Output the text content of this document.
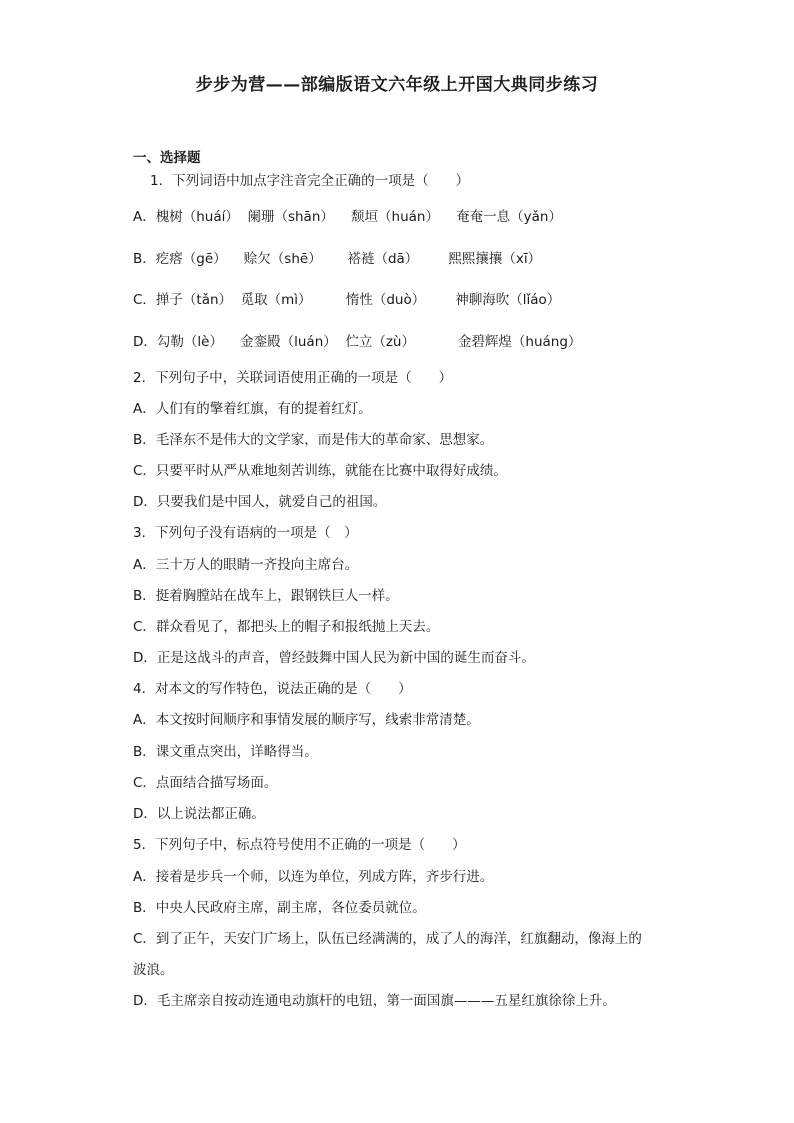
步步为营——部编版语文六年级上开国大典同步练习
一、选择题
1．下列词语中加点字注音完全正确的一项是（　　）
A．槐树（huáí）  阑珊（shān）    颓垣（huán）    奄奄一息（yǎn）
B．疙瘩（gē）    赊欠（shē）      褡裢（dā）       熙熙攘攘（xī）
C．掸子（tǎn）  觅取（mì）        惰性（duò）       神聊海吹（lǐáo）
D．勾勒（lè）    金銮殿（luán）  伫立（zù）          金碧辉煌（huáng）
2．下列句子中，关联词语使用正确的一项是（　　）
A．人们有的擎着红旗，有的提着红灯。
B．毛泽东不是伟大的文学家，而是伟大的革命家、思想家。
C．只要平时从严从难地刻苦训练，就能在比赛中取得好成绩。
D．只要我们是中国人，就爱自己的祖国。
3．下列句子没有语病的一项是（　）
A．三十万人的眼睛一齐投向主席台。
B．挺着胸膛站在战车上，跟钢铁巨人一样。
C．群众看见了，都把头上的帽子和报纸抛上天去。
D．正是这战斗的声音，曾经鼓舞中国人民为新中国的诞生而奋斗。
4．对本文的写作特色，说法正确的是（　　）
A．本文按时间顺序和事情发展的顺序写，线索非常清楚。
B．课文重点突出，详略得当。
C．点面结合描写场面。
D．以上说法都正确。
5．下列句子中，标点符号使用不正确的一项是（　　）
A．接着是步兵一个师，以连为单位，列成方阵，齐步行进。
B．中央人民政府主席，副主席，各位委员就位。
C．到了正午，天安门广场上，队伍已经满满的，成了人的海洋，红旗翻动，像海上的
波浪。
D．毛主席亲自按动连通电动旗杆的电钮，第一面国旗———五星红旗徐徐上升。
